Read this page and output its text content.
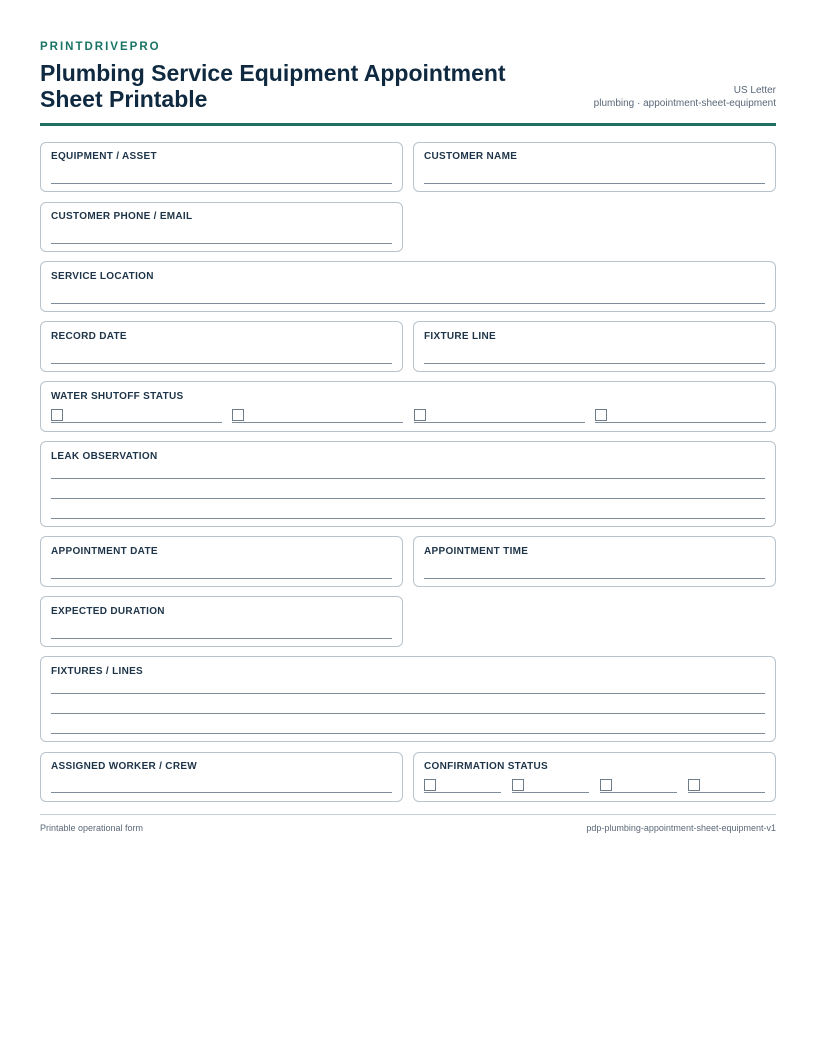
PRINTDRIVEPRO
Plumbing Service Equipment Appointment Sheet Printable	US Letter
plumbing · appointment-sheet-equipment
EQUIPMENT / ASSET	CUSTOMER NAME
CUSTOMER PHONE / EMAIL
SERVICE LOCATION
RECORD DATE	FIXTURE LINE
WATER SHUTOFF STATUS
LEAK OBSERVATION
APPOINTMENT DATE	APPOINTMENT TIME
EXPECTED DURATION
FIXTURES / LINES
ASSIGNED WORKER / CREW	CONFIRMATION STATUS
Printable operational form	pdp-plumbing-appointment-sheet-equipment-v1
